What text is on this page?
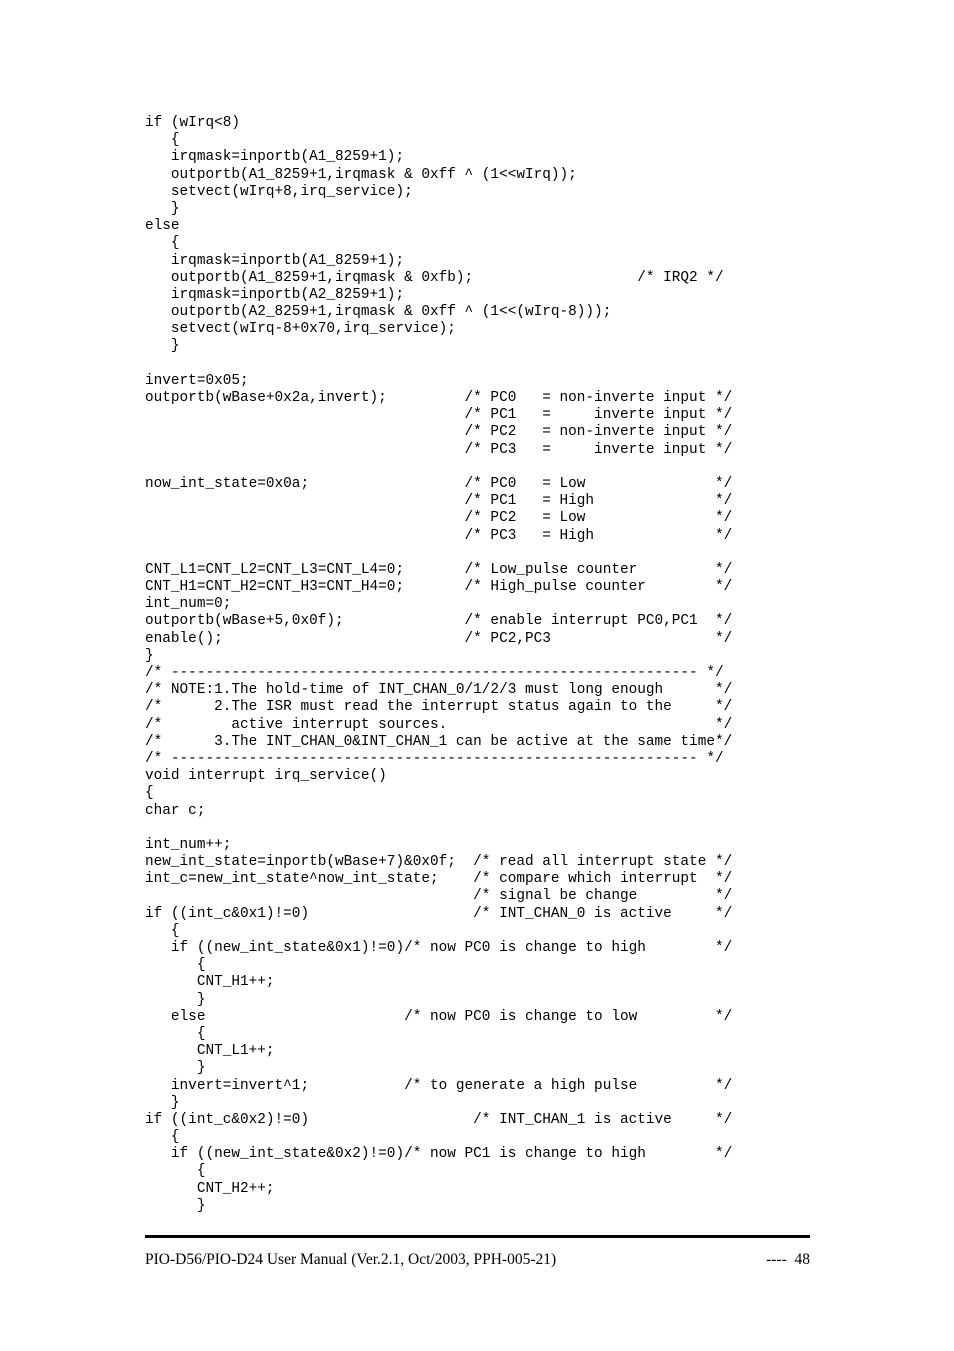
if (wIrq<8)
{
irqmask=inportb(A1_8259+1);
outportb(A1_8259+1,irqmask & 0xff ^ (1<<wIrq));
setvect(wIrq+8,irq_service);
}
else
{
irqmask=inportb(A1_8259+1);
outportb(A1_8259+1,irqmask & 0xfb);                   /* IRQ2 */
irqmask=inportb(A2_8259+1);
outportb(A2_8259+1,irqmask & 0xff ^ (1<<(wIrq-8)));
setvect(wIrq-8+0x70,irq_service);
}
invert=0x05;
outportb(wBase+0x2a,invert);         /* PC0   = non-inverte input */
/* PC1   =     inverte input */
/* PC2   = non-inverte input */
/* PC3   =     inverte input */
now_int_state=0x0a;                  /* PC0   = Low               */
/* PC1   = High              */
/* PC2   = Low               */
/* PC3   = High              */
CNT_L1=CNT_L2=CNT_L3=CNT_L4=0;       /* Low_pulse counter         */
CNT_H1=CNT_H2=CNT_H3=CNT_H4=0;       /* High_pulse counter        */
int_num=0;
outportb(wBase+5,0x0f);              /* enable interrupt PC0,PC1  */
enable();                            /* PC2,PC3                   */
}
/* ------------------------------------------------------------- */
/* NOTE:1.The hold-time of INT_CHAN_0/1/2/3 must long enough      */
/*      2.The ISR must read the interrupt status again to the     */
/*        active interrupt sources.                               */
/*      3.The INT_CHAN_0&INT_CHAN_1 can be active at the same time*/
/* ------------------------------------------------------------- */
void interrupt irq_service()
{
char c;
int_num++;
new_int_state=inportb(wBase+7)&0x0f;  /* read all interrupt state */
int_c=new_int_state^now_int_state;    /* compare which interrupt  */
/* signal be change         */
if ((int_c&0x1)!=0)                   /* INT_CHAN_0 is active     */
{
if ((new_int_state&0x1)!=0)/* now PC0 is change to high        */
{
CNT_H1++;
}
else                       /* now PC0 is change to low         */
{
CNT_L1++;
}
invert=invert^1;           /* to generate a high pulse         */
}
if ((int_c&0x2)!=0)                   /* INT_CHAN_1 is active     */
{
if ((new_int_state&0x2)!=0)/* now PC1 is change to high        */
{
CNT_H2++;
}
PIO-D56/PIO-D24 User Manual (Ver.2.1, Oct/2003, PPH-005-21)	----  48
